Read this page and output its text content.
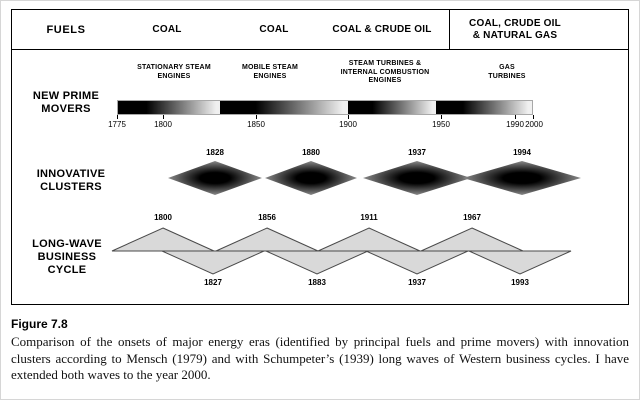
FUELS	COAL	COAL	COAL & CRUDE OIL
COAL, CRUDE OIL & NATURAL GAS
NEW PRIME MOVERS
STATIONARY STEAM ENGINES
MOBILE STEAM ENGINES
STEAM TURBINES & INTERNAL COMBUSTION ENGINES
GAS TURBINES
1775	1800	1850	1900	1950	1990 2000
INNOVATIVE CLUSTERS
1828	1880	1937	1994
LONG-WAVE BUSINESS CYCLE
1800	1856	1911	1967
1827	1883	1937	1993
Figure 7.8
Comparison of the onsets of major energy eras (identified by principal fuels and prime movers) with innovation clusters according to Mensch (1979) and with Schumpeter’s (1939) long waves of Western business cycles. I have extended both waves to the year 2000.
